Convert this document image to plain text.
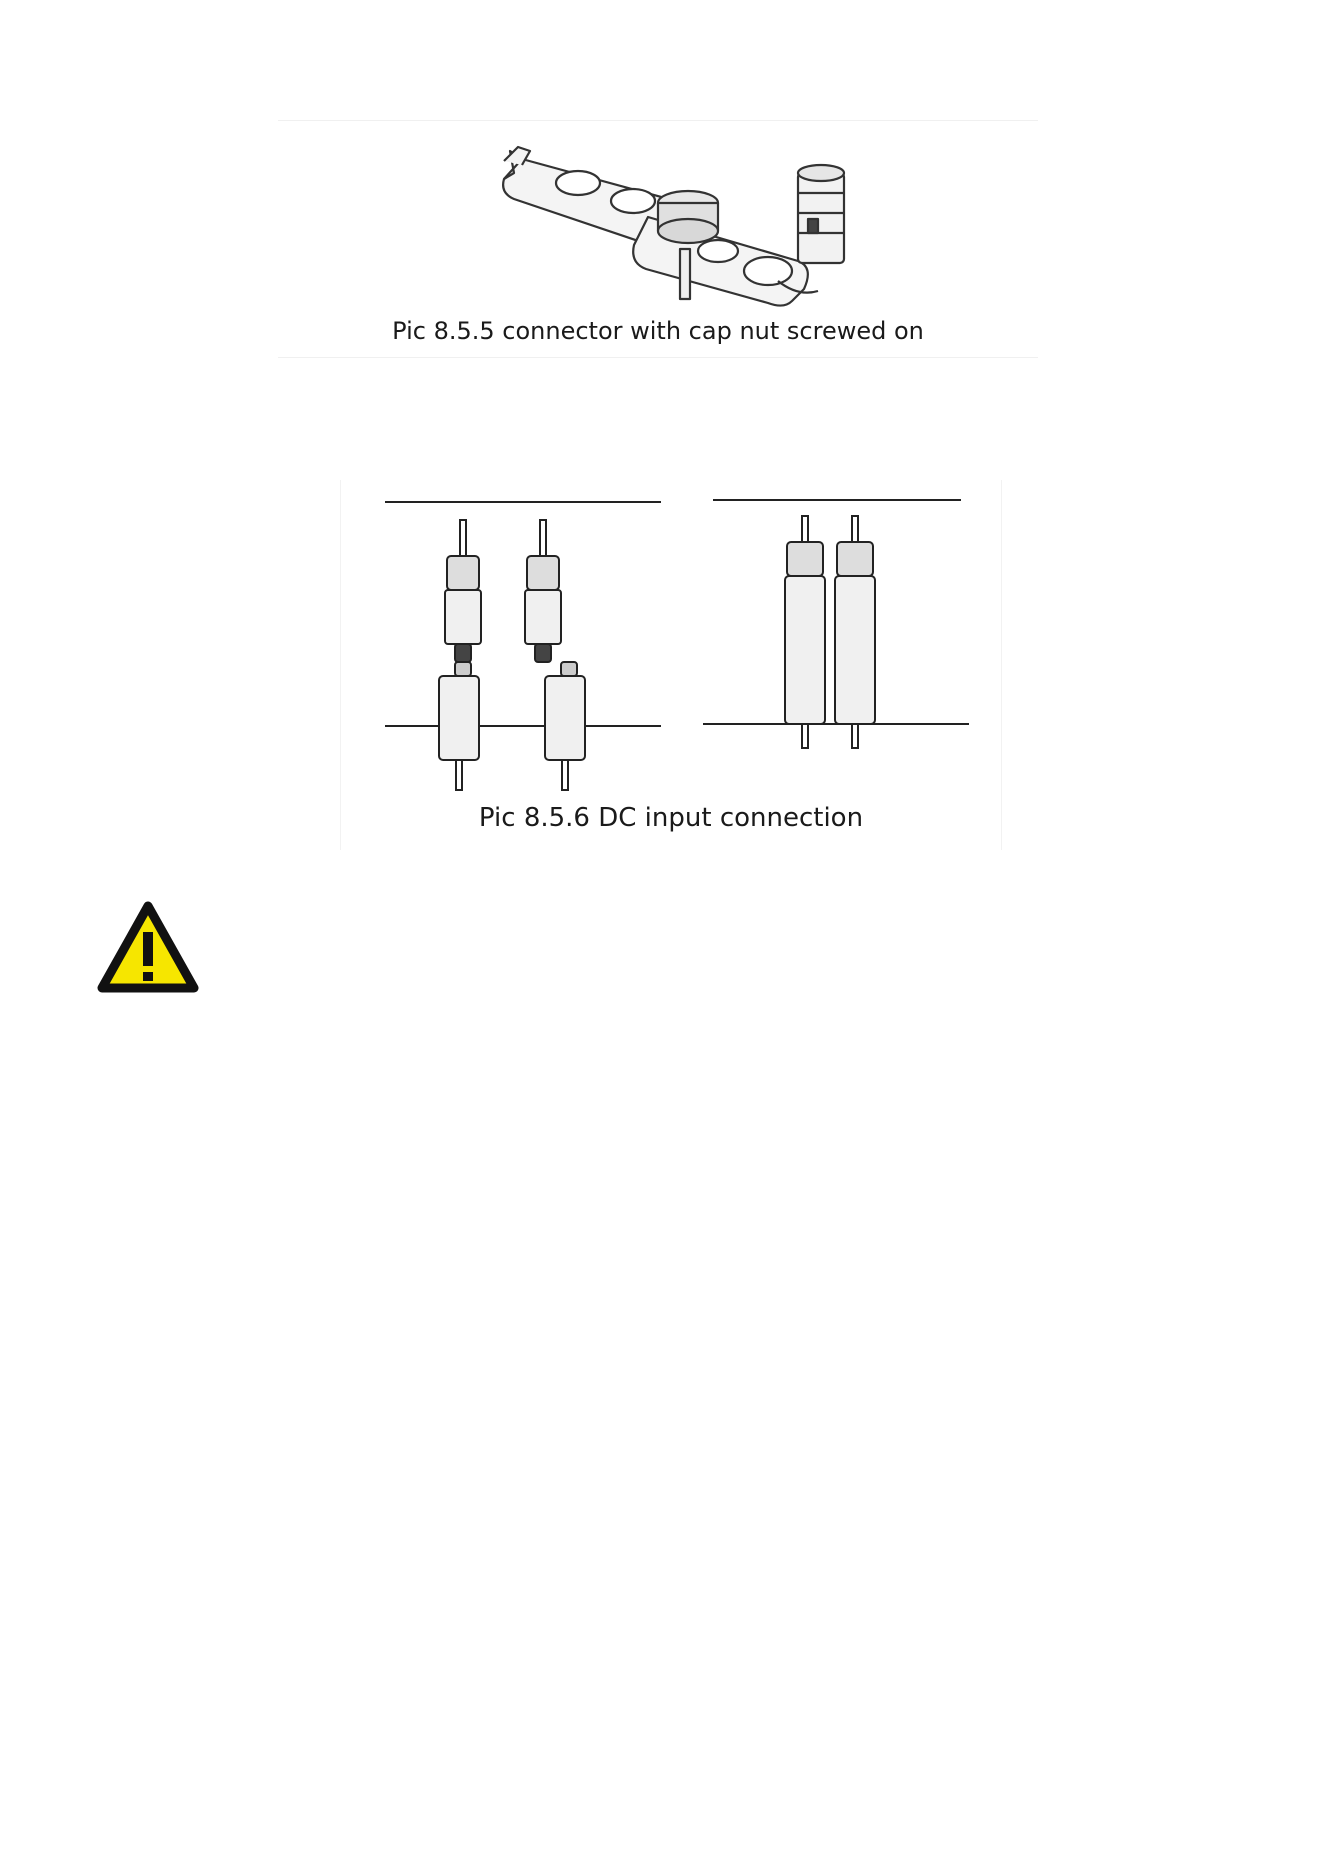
Pic 8.5.5 connector with cap nut screwed on
Pic 8.5.6 DC input connection
